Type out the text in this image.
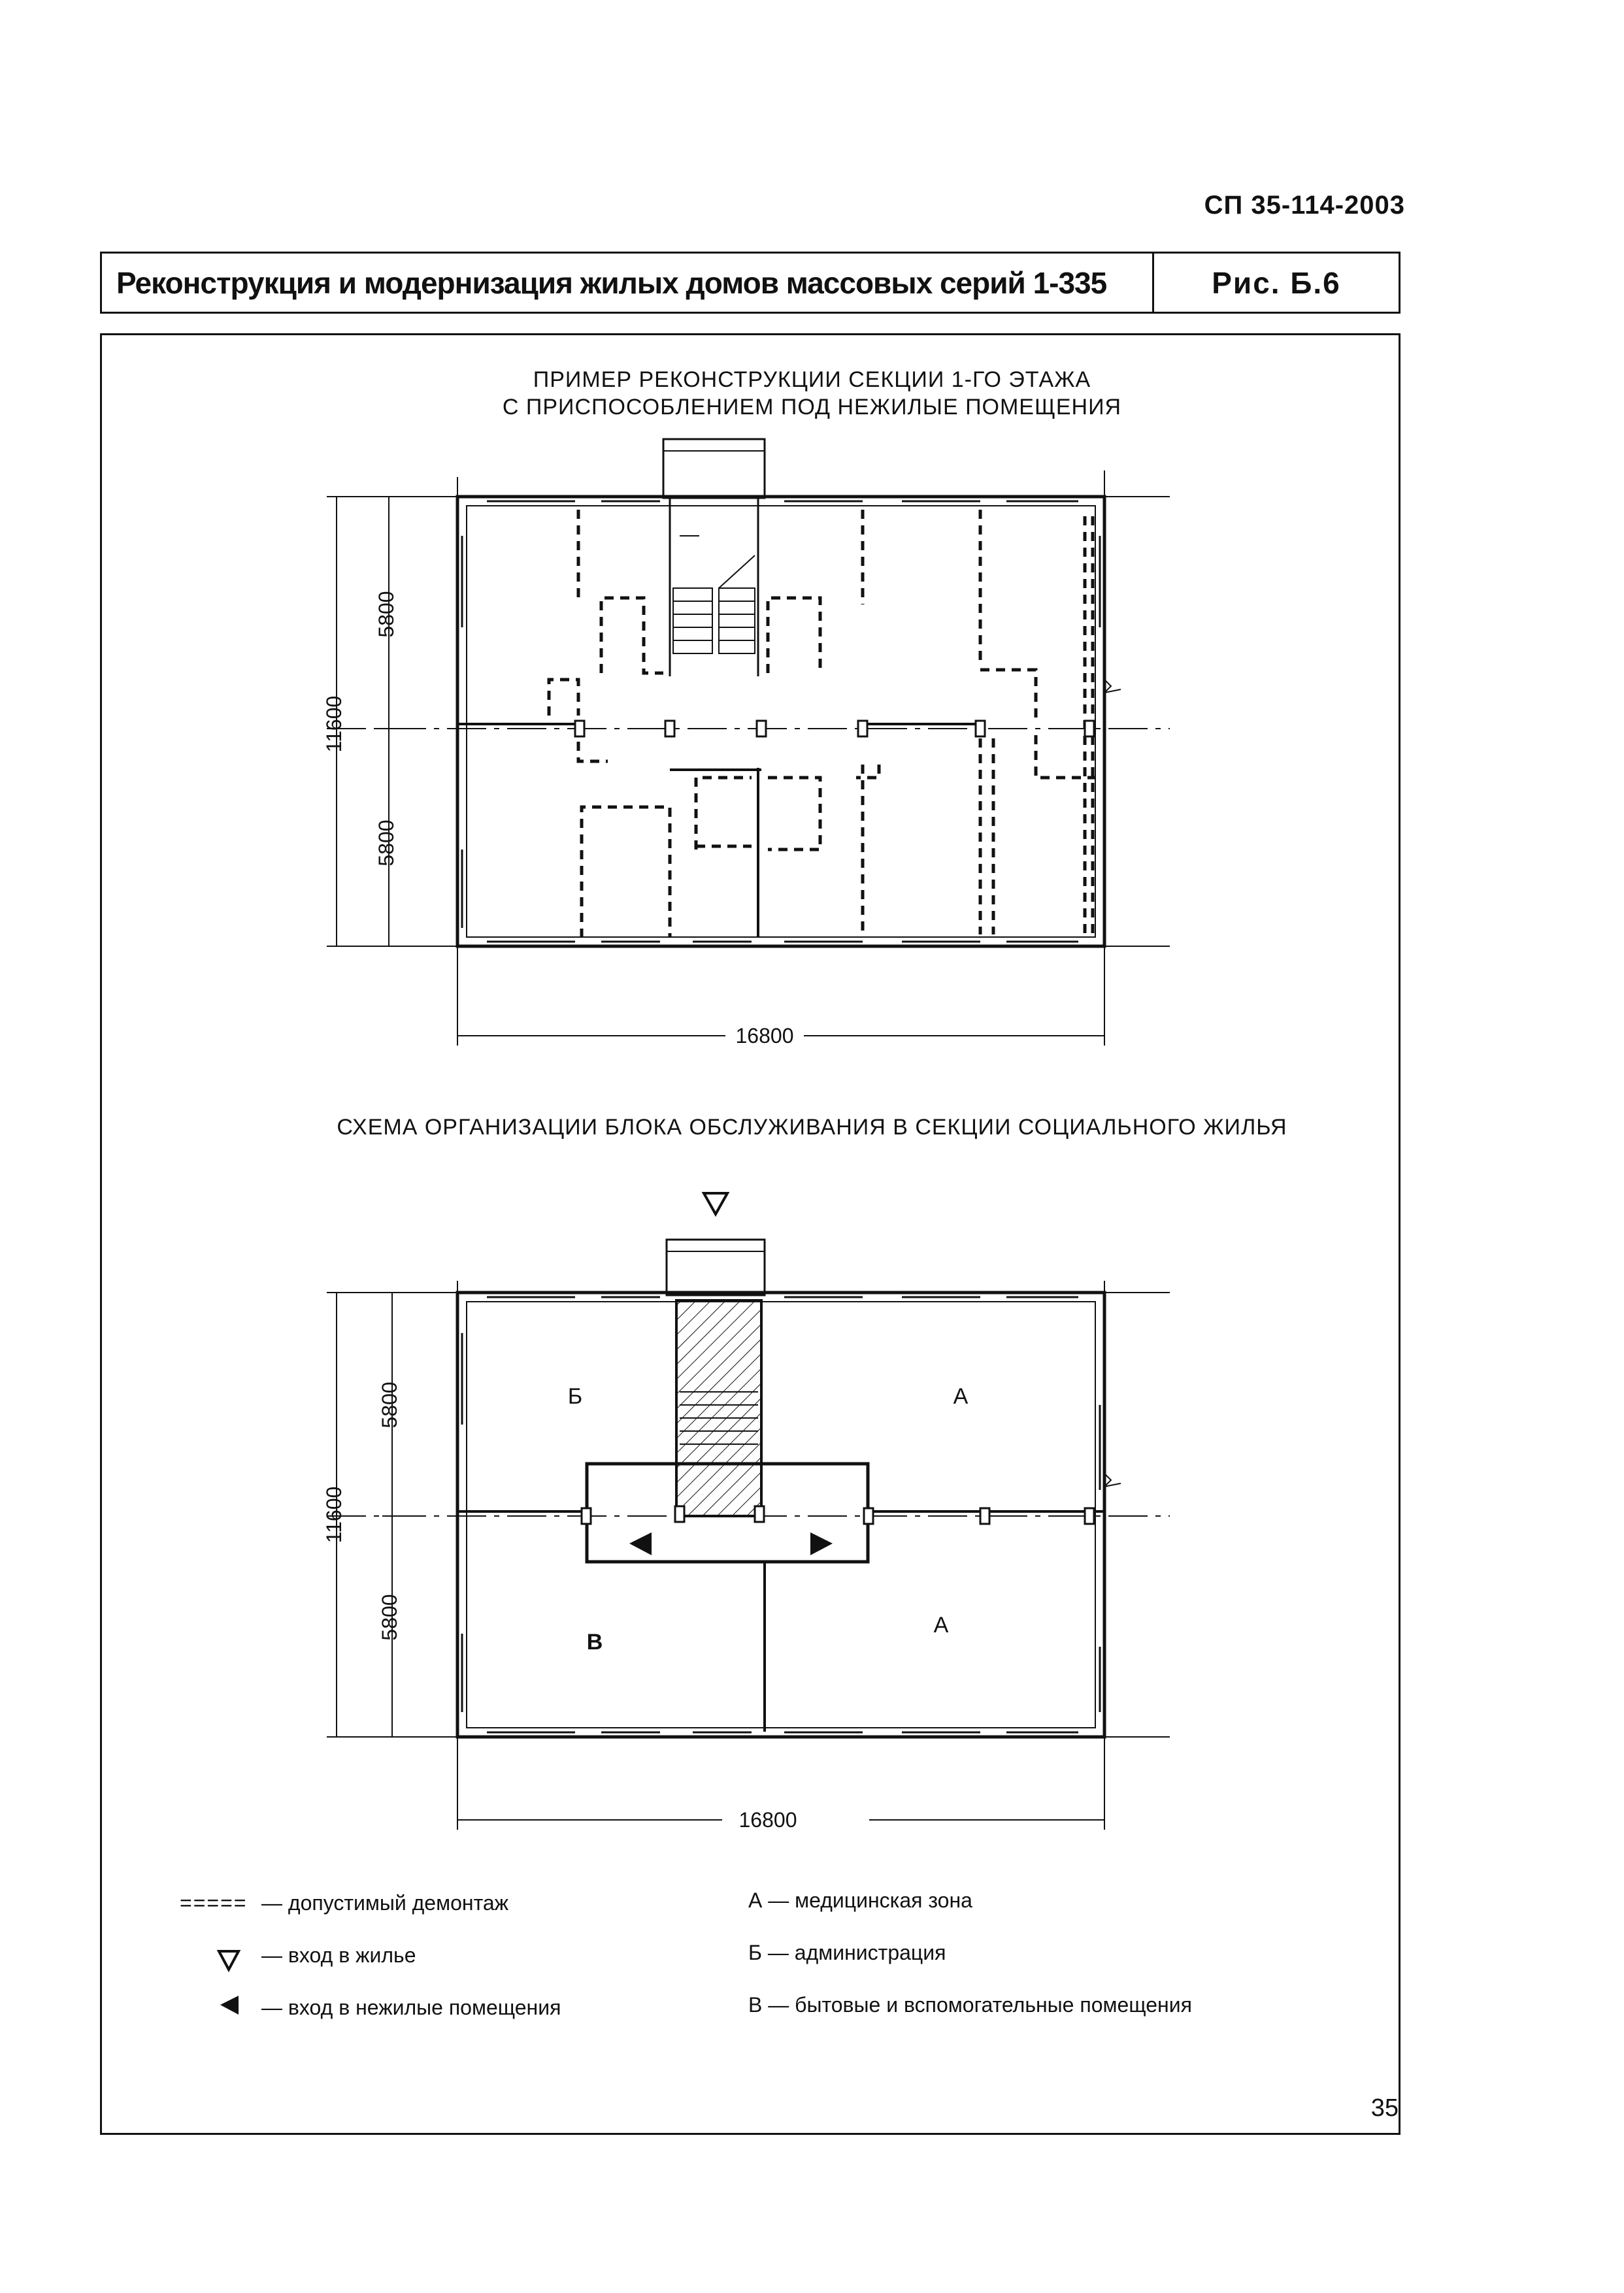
СП 35-114-2003
Реконструкция и модернизация жилых домов массовых серий 1-335	Рис. Б.6
ПРИМЕР РЕКОНСТРУКЦИИ СЕКЦИИ 1-ГО ЭТАЖА
С ПРИСПОСОБЛЕНИЕМ ПОД НЕЖИЛЫЕ ПОМЕЩЕНИЯ
СХЕМА ОРГАНИЗАЦИИ БЛОКА ОБСЛУЖИВАНИЯ В СЕКЦИИ СОЦИАЛЬНОГО ЖИЛЬЯ
11600
5800
5800
16800
Б	А
В
А
11600
5800
5800
16800
===== — допустимый демонтаж
— вход в жилье
— вход в нежилые помещения
А — медицинская зона
Б — администрация
В — бытовые и вспомогательные помещения
35
